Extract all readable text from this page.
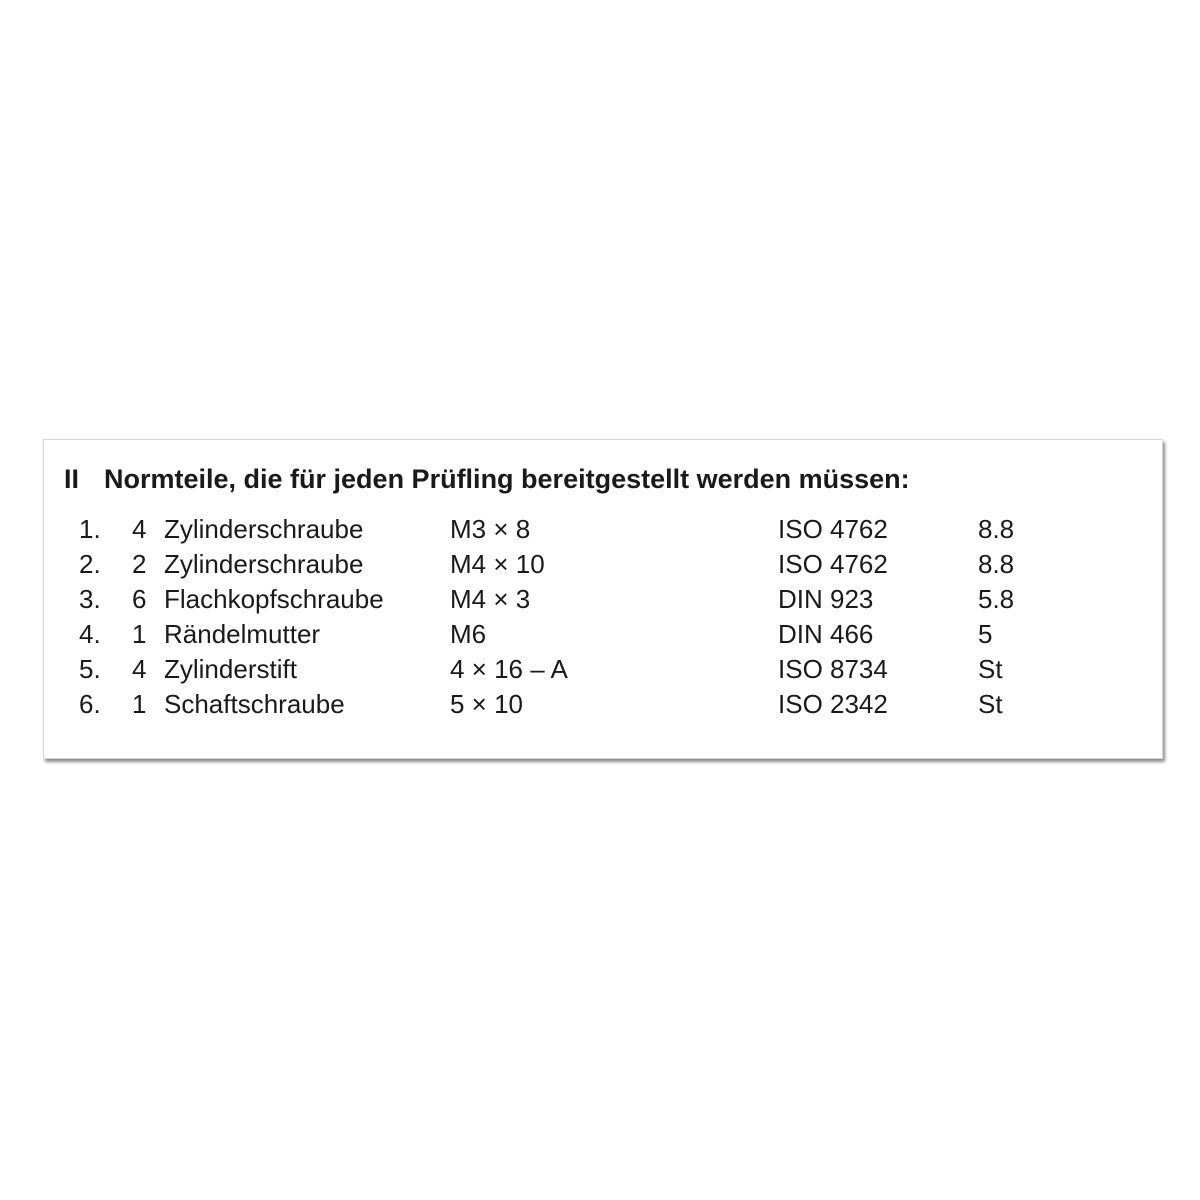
II Normteile, die für jeden Prüfling bereitgestellt werden müssen:
1. 4 Zylinderschraube	M3 × 8	ISO 4762	8.8
2. 2 Zylinderschraube	M4 × 10	ISO 4762	8.8
3. 6 Flachkopfschraube	M4 × 3	DIN 923	5.8
4. 1 Rändelmutter	M6	DIN 466	5
5. 4 Zylinderstift	4 × 16 – A	ISO 8734	St
6. 1 Schaftschraube	5 × 10	ISO 2342	St
